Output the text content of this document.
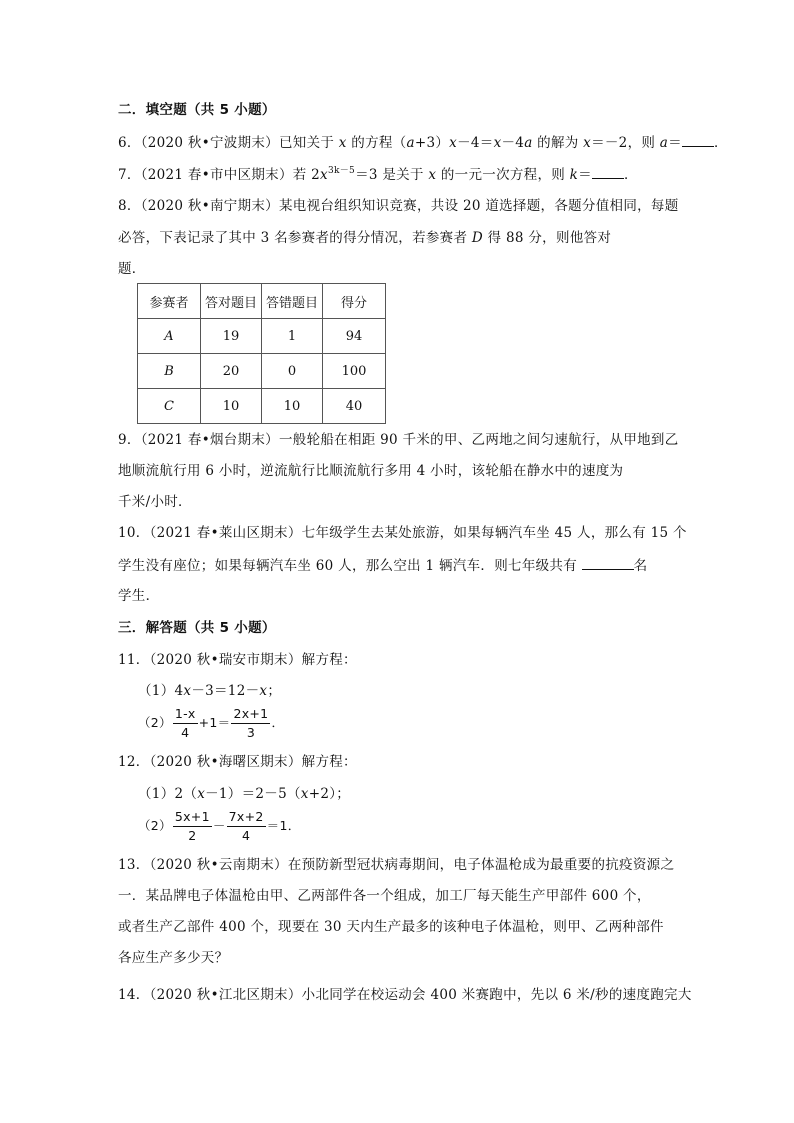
二．填空题（共 5 小题）
6．（2020 秋•宁波期末）已知关于 x 的方程（a+3）x－4＝x－4a 的解为 x＝－2，则 a＝ ．
7．（2021 春•市中区期末）若 $2x^{3k-5}=3$ 是关于 x 的一元一次方程，则 k＝ ．
8．（2020 秋•南宁期末）某电视台组织知识竞赛，共设 20 道选择题，各题分值相同，每题
必答，下表记录了其中 3 名参赛者的得分情况，若参赛者 D 得 88 分，则他答对
题．
参赛者	答对题目	答错题目	得分
A	19	1	94
B	20	0	100
C	10	10	40
9．（2021 春•烟台期末）一般轮船在相距 90 千米的甲、乙两地之间匀速航行，从甲地到乙
地顺流航行用 6 小时，逆流航行比顺流航行多用 4 小时，该轮船在静水中的速度为
千米/小时．
10．（2021 春•莱山区期末）七年级学生去某处旅游，如果每辆汽车坐 45 人，那么有 15 个
学生没有座位；如果每辆汽车坐 60 人，那么空出 1 辆汽车．则七年级共有	名
学生．
三．解答题（共 5 小题）
11．（2020 秋•瑞安市期末）解方程：
（1）4x－3＝12－x；
$(2) \frac{1-x}{4} +1= \frac{2x+1}{3}$ ．
12．（2020 秋•海曙区期末）解方程：
（1）2（x－1）＝2－5（x+2）；
$(2) \frac{5x+1}{2} - \frac{7x+2}{4} =1$．
13．（2020 秋•云南期末）在预防新型冠状病毒期间，电子体温枪成为最重要的抗疫资源之
一．某品牌电子体温枪由甲、乙两部件各一个组成，加工厂每天能生产甲部件 600 个，
或者生产乙部件 400 个，现要在 30 天内生产最多的该种电子体温枪，则甲、乙两种部件
各应生产多少天？
14．（2020 秋•江北区期末）小北同学在校运动会 400 米赛跑中，先以 6 米/秒的速度跑完大
